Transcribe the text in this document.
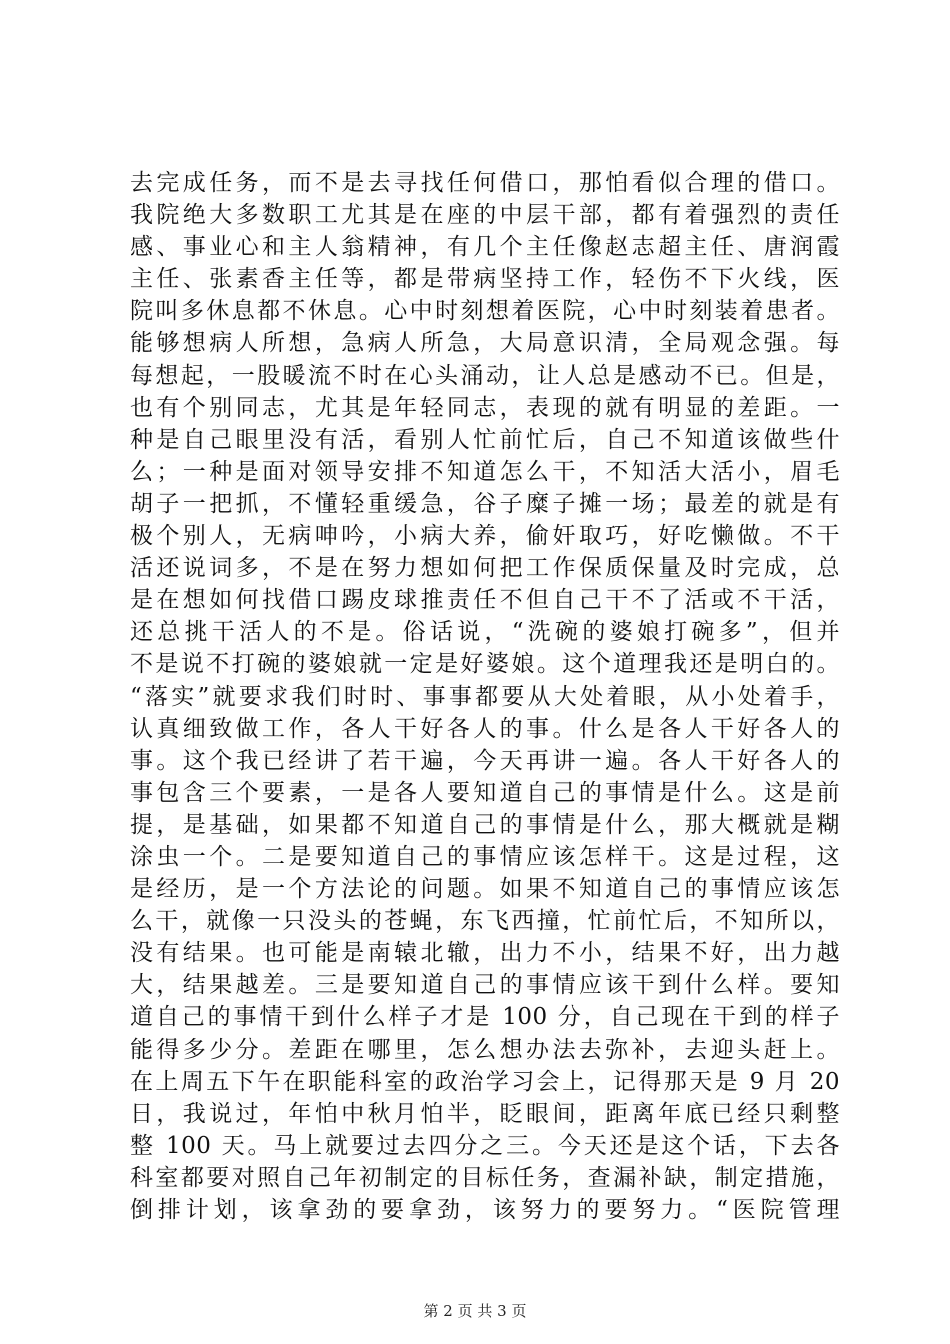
去完成任务，而不是去寻找任何借口，那怕看似合理的借口。
我院绝大多数职工尤其是在座的中层干部，都有着强烈的责任
感、事业心和主人翁精神，有几个主任像赵志超主任、唐润霞
主任、张素香主任等，都是带病坚持工作，轻伤不下火线，医
院叫多休息都不休息。心中时刻想着医院，心中时刻装着患者。
能够想病人所想，急病人所急，大局意识清，全局观念强。每
每想起，一股暖流不时在心头涌动，让人总是感动不已。但是，
也有个别同志，尤其是年轻同志，表现的就有明显的差距。一
种是自己眼里没有活，看别人忙前忙后，自己不知道该做些什
么；一种是面对领导安排不知道怎么干，不知活大活小，眉毛
胡子一把抓，不懂轻重缓急，谷子糜子摊一场；最差的就是有
极个别人，无病呻吟，小病大养，偷奸取巧，好吃懒做。不干
活还说词多，不是在努力想如何把工作保质保量及时完成，总
是在想如何找借口踢皮球推责任不但自己干不了活或不干活，
还总挑干活人的不是。俗话说，“洗碗的婆娘打碗多”，但并
不是说不打碗的婆娘就一定是好婆娘。这个道理我还是明白的。
“落实”就要求我们时时、事事都要从大处着眼，从小处着手，
认真细致做工作，各人干好各人的事。什么是各人干好各人的
事。这个我已经讲了若干遍，今天再讲一遍。各人干好各人的
事包含三个要素，一是各人要知道自己的事情是什么。这是前
提，是基础，如果都不知道自己的事情是什么，那大概就是糊
涂虫一个。二是要知道自己的事情应该怎样干。这是过程，这
是经历，是一个方法论的问题。如果不知道自己的事情应该怎
么干，就像一只没头的苍蝇，东飞西撞，忙前忙后，不知所以，
没有结果。也可能是南辕北辙，出力不小，结果不好，出力越
大，结果越差。三是要知道自己的事情应该干到什么样。要知
道自己的事情干到什么样子才是 100 分，自己现在干到的样子
能得多少分。差距在哪里，怎么想办法去弥补，去迎头赶上。
在上周五下午在职能科室的政治学习会上，记得那天是 9 月 20
日，我说过，年怕中秋月怕半，眨眼间，距离年底已经只剩整
整 100 天。马上就要过去四分之三。今天还是这个话，下去各
科室都要对照自己年初制定的目标任务，查漏补缺，制定措施，
倒排计划，该拿劲的要拿劲，该努力的要努力。“医院管理
第 2 页 共 3 页
